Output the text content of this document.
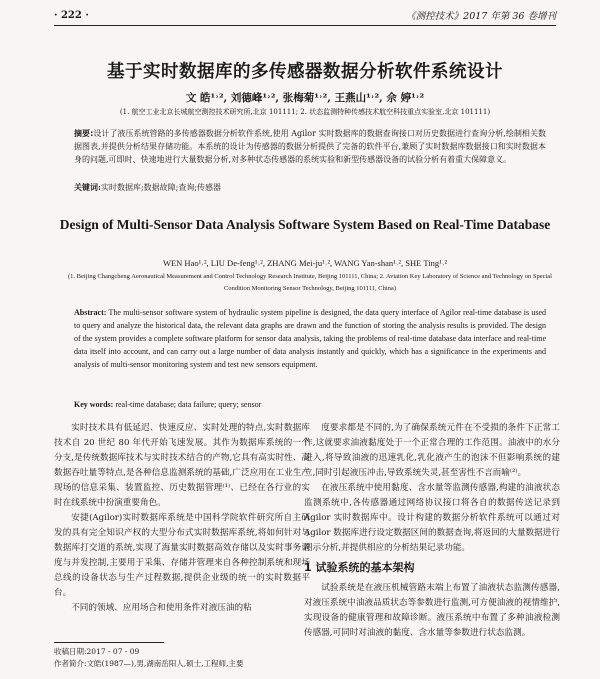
· 222 ·	《测控技术》2017 年第 36 卷增刊
基于实时数据库的多传感器数据分析软件系统设计
文 皓¹˒², 刘德峰¹˒², 张梅菊¹˒², 王燕山¹˒², 佘 婷¹˒²
(1. 航空工业北京长城航空测控技术研究所,北京 101111; 2. 状态监测特种传感技术航空科技重点实验室,北京 101111)
摘要:设计了液压系统管路的多传感器数据分析软件系统,使用 Agilor 实时数据库的数据查询接口对历史数据进行查询分析,绘制相关数据图表,并提供分析结果存储功能。本系统的设计为传感器的数据分析提供了完备的软件平台,兼顾了实时数据库数据接口和实时数据本身的问题,可即时、快速地进行大量数据分析,对多种状态传感器的系统实验和新型传感器设备的试验分析有着重大保障意义。
关键词:实时数据库;数据故障;查询;传感器
Design of Multi-Sensor Data Analysis Software System Based on Real-Time Database
WEN Hao¹˒², LIU De-feng¹˒², ZHANG Mei-ju¹˒², WANG Yan-shan¹˒², SHE Ting¹˒²
(1. Beijing Changcheng Aeronautical Measurement and Control Technology Research Institute, Beijing 101111, China; 2. Aviation Key Laboratory of Science and Technology on Special Condition Monitoring Sensor Technology, Beijing 101111, China)
Abstract: The multi-sensor software system of hydraulic system pipeline is designed, the data query interface of Agilor real-time database is used to query and analyze the historical data, the relevant data graphs are drawn and the function of storing the analysis results is provided. The design of the system provides a complete software platform for sensor data analysis, taking the problems of real-time database data interface and real-time data itself into account, and can carry out a large number of data analysis instantly and quickly, which has a significance in the experiments and analysis of multi-sensor monitoring system and test new sensors equipment.
Key words: real-time database; data failure; query; sensor

实时技术具有低延迟、快速反应、实时处理的特点,实时数据库技术自 20 世纪 80 年代开始飞速发展。其作为数据库系统的一个分支,是传统数据库技术与实时技术结合的产物,它具有高实时性、高数据吞吐量等特点,是各种信息监测系统的基础,广泛应用在工业生产现场的信息采集、装置监控、历史数据管理⁽¹⁾、已经在各行业的实时在线系统中扮演重要角色。

安捷(Agilor)实时数据库系统是中国科学院软件研究所自主研发的具有完全知识产权的大型分布式实时数据库系统,将如何针对与数据库打交道的系统,实现了海量实时数据高效存储以及实时事务调度与并发控制,主要用于采集、存储并管理来自各种控制系统和现场总线的设备状态与生产过程数据,提供企业级的统一的实时数据平台。

不同的领域、应用场合和使用条件对液压油的粘

度要求都是不同的,为了确保系统元件在不受损的条件下正常工作,这就要求油液黏度处于一个正常合理的工作范围。油液中的水分进入,将导致油液的迅速乳化,乳化液产生的泡沫不但影响系统的建立,同时引起液压冲击,导致系统失灵,甚至害性不言而喻⁽²⁾。

在液压系统中使用黏度、含水量等监测传感器,构建的油液状态监测系统中,各传感器通过网络协议接口将各自的数据传送记录到 Agilor 实时数据库中。设计构建的数据分析软件系统可以通过对 Agilor 数据库进行设定数据区间的数据查询,将返回的大量数据进行图示分析,并提供相应的分析结果记录功能。

1 试验系统的基本架构

试验系统是在液压机械管路末端上布置了油液状态监测传感器,对液压系统中油液品质状态等参数进行监测,可方便油液的视情维护,实现设备的健康管理和故障诊断。液压系统中布置了多种油液检测传感器,可同时对油液的黏度、含水量等参数进行状态监测。

收稿日期:2017 - 07 - 09
作者简介:文皓(1987—),男,湖南岳阳人,硕士,工程师,主要
